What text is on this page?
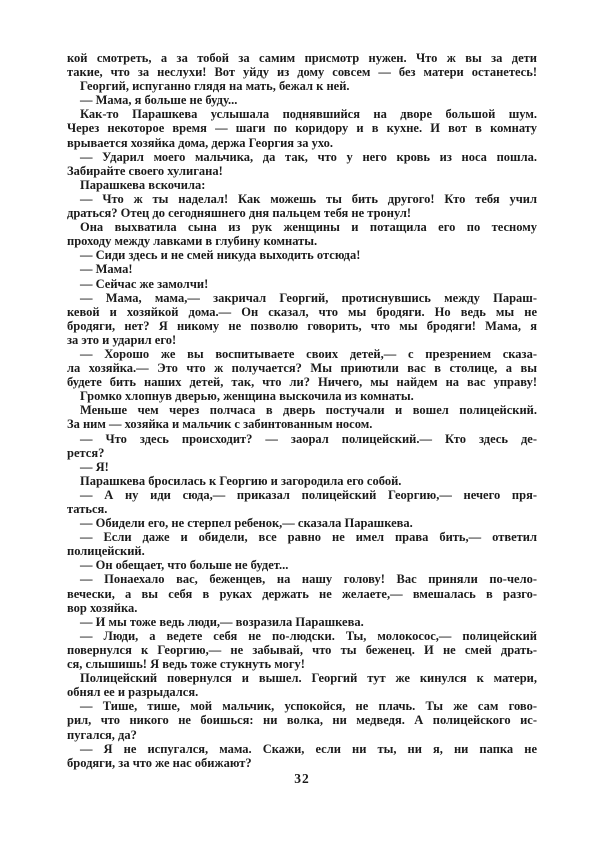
кой смотреть, а за тобой за самим присмотр нужен. Что ж вы за дети
такие, что за неслухи! Вот уйду из дому совсем — без матери останетесь!
Георгий, испуганно глядя на мать, бежал к ней.
— Мама, я больше не буду...
Как-то Парашкева услышала поднявшийся на дворе большой шум.
Через некоторое время — шаги по коридору и в кухне. И вот в комнату
врывается хозяйка дома, держа Георгия за ухо.
— Ударил моего мальчика, да так, что у него кровь из носа пошла.
Забирайте своего хулигана!
Парашкева вскочила:
— Что ж ты наделал! Как можешь ты бить другого! Кто тебя учил
драться? Отец до сегодняшнего дня пальцем тебя не тронул!
Она выхватила сына из рук женщины и потащила его по тесному
проходу между лавками в глубину комнаты.
— Сиди здесь и не смей никуда выходить отсюда!
— Мама!
— Сейчас же замолчи!
— Мама, мама,— закричал Георгий, протиснувшись между Параш-
кевой и хозяйкой дома.— Он сказал, что мы бродяги. Но ведь мы не
бродяги, нет? Я никому не позволю говорить, что мы бродяги! Мама, я
за это и ударил его!
— Хорошо же вы воспитываете своих детей,— с презрением сказа-
ла хозяйка.— Это что ж получается? Мы приютили вас в столице, а вы
будете бить наших детей, так, что ли? Ничего, мы найдем на вас управу!
Громко хлопнув дверью, женщина выскочила из комнаты.
Меньше чем через полчаса в дверь постучали и вошел полицейский.
За ним — хозяйка и мальчик с забинтованным носом.
— Что здесь происходит? — заорал полицейский.— Кто здесь де-
рется?
— Я!
Парашкева бросилась к Георгию и загородила его собой.
— А ну иди сюда,— приказал полицейский Георгию,— нечего пря-
таться.
— Обидели его, не стерпел ребенок,— сказала Парашкева.
— Если даже и обидели, все равно не имел права бить,— ответил
полицейский.
— Он обещает, что больше не будет...
— Понаехало вас, беженцев, на нашу голову! Вас приняли по-чело-
вечески, а вы себя в руках держать не желаете,— вмешалась в разго-
вор хозяйка.
— И мы тоже ведь люди,— возразила Парашкева.
— Люди, а ведете себя не по-людски. Ты, молокосос,— полицейский
повернулся к Георгию,— не забывай, что ты беженец. И не смей драть-
ся, слышишь! Я ведь тоже стукнуть могу!
Полицейский повернулся и вышел. Георгий тут же кинулся к матери,
обнял ее и разрыдался.
— Тише, тише, мой мальчик, успокойся, не плачь. Ты же сам гово-
рил, что никого не боишься: ни волка, ни медведя. А полицейского ис-
пугался, да?
— Я не испугался, мама. Скажи, если ни ты, ни я, ни папка не
бродяги, за что же нас обижают?
32
